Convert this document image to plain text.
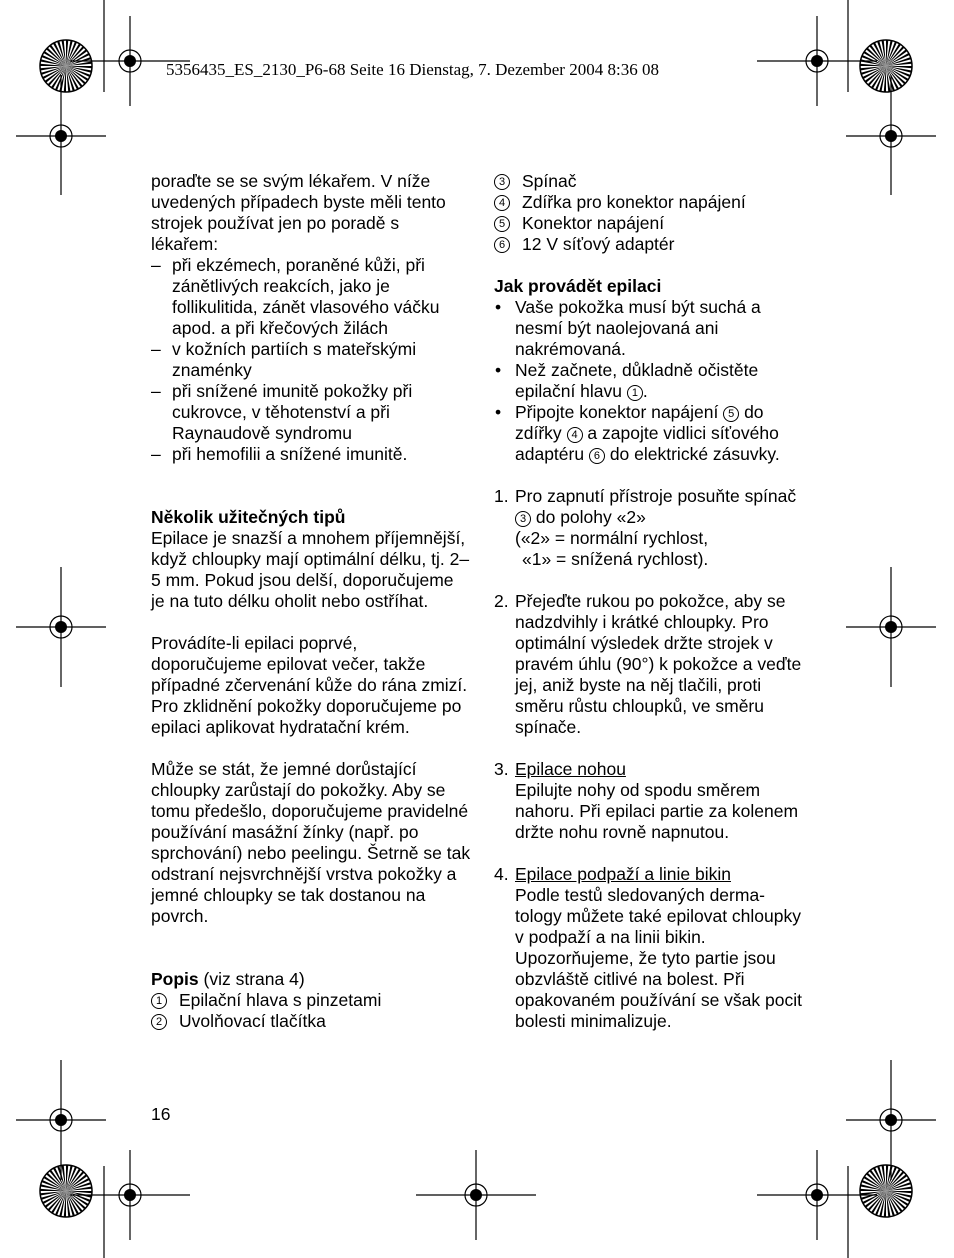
5356435_ES_2130_P6-68 Seite 16 Dienstag, 7. Dezember 2004 8:36 08

poraďte se se svým lékařem. V níže uvedených případech byste měli tento strojek používat jen po poradě s lékařem:

– při ekzémech, poraněné kůži, při zánětlivých reakcích, jako je follikulitida, zánět vlasového váčku apod. a při křečových žilách
– v kožních partiích s mateřskými znaménky
– při snížené imunitě pokožky při cukrovce, v těhotenství a při Raynaudově syndromu
– při hemofilii a snížené imunitě.

Několik užitečných tipů

Epilace je snazší a mnohem příjemnější, když chloupky mají optimální délku, tj. 2–5 mm. Pokud jsou delší, doporučujeme je na tuto délku oholit nebo ostříhat.

Provádíte-li epilaci poprvé, doporučujeme epilovat večer, takže případné zčervenání kůže do rána zmizí. Pro zklidnění pokožky doporučujeme po epilaci aplikovat hydratační krém.

Může se stát, že jemné dorůstající chloupky zarůstají do pokožky. Aby se tomu předešlo, doporučujeme pravidelné používání masážní žínky (např. po sprchování) nebo peelingu. Šetrně se tak odstraní nejsvrchnější vrstva pokožky a jemné chloupky se tak dostanou na povrch.

Popis (viz strana 4)

1 Epilační hlava s pinzetami
2 Uvolňovací tlačítka
3 Spínač
4 Zdířka pro konektor napájení
5 Konektor napájení
6 12 V síťový adaptér

Jak provádět epilaci

• Vaše pokožka musí být suchá a nesmí být naolejovaná ani nakrémovaná.
• Než začnete, důkladně očistěte epilační hlavu 1 .
• Připojte konektor napájení 5 do zdířky 4 a zapojte vidlici síťového adaptéru 6 do elektrické zásuvky.
1. Pro zapnutí přístroje posuňte spínač 3 do polohy «2»
(«2» = normální rychlost,
«1» = snížená rychlost).
2. Přejeďte rukou po pokožce, aby se nadzdvihly i krátké chloupky. Pro optimální výsledek držte strojek v pravém úhlu (90°) k pokožce a veďte jej, aniž byste na něj tlačili, proti směru růstu chloupků, ve směru spínače.
3. Epilace nohou
Epilujte nohy od spodu směrem nahoru. Při epilaci partie za kolenem držte nohu rovně napnutou.
4. Epilace podpaží a linie bikin
Podle testů sledovaných derma-tology můžete také epilovat chloupky v podpaží a na linii bikin. Upozorňujeme, že tyto partie jsou obzvláště citlivé na bolest. Při opakovaném používání se však pocit bolesti minimalizuje.
16
